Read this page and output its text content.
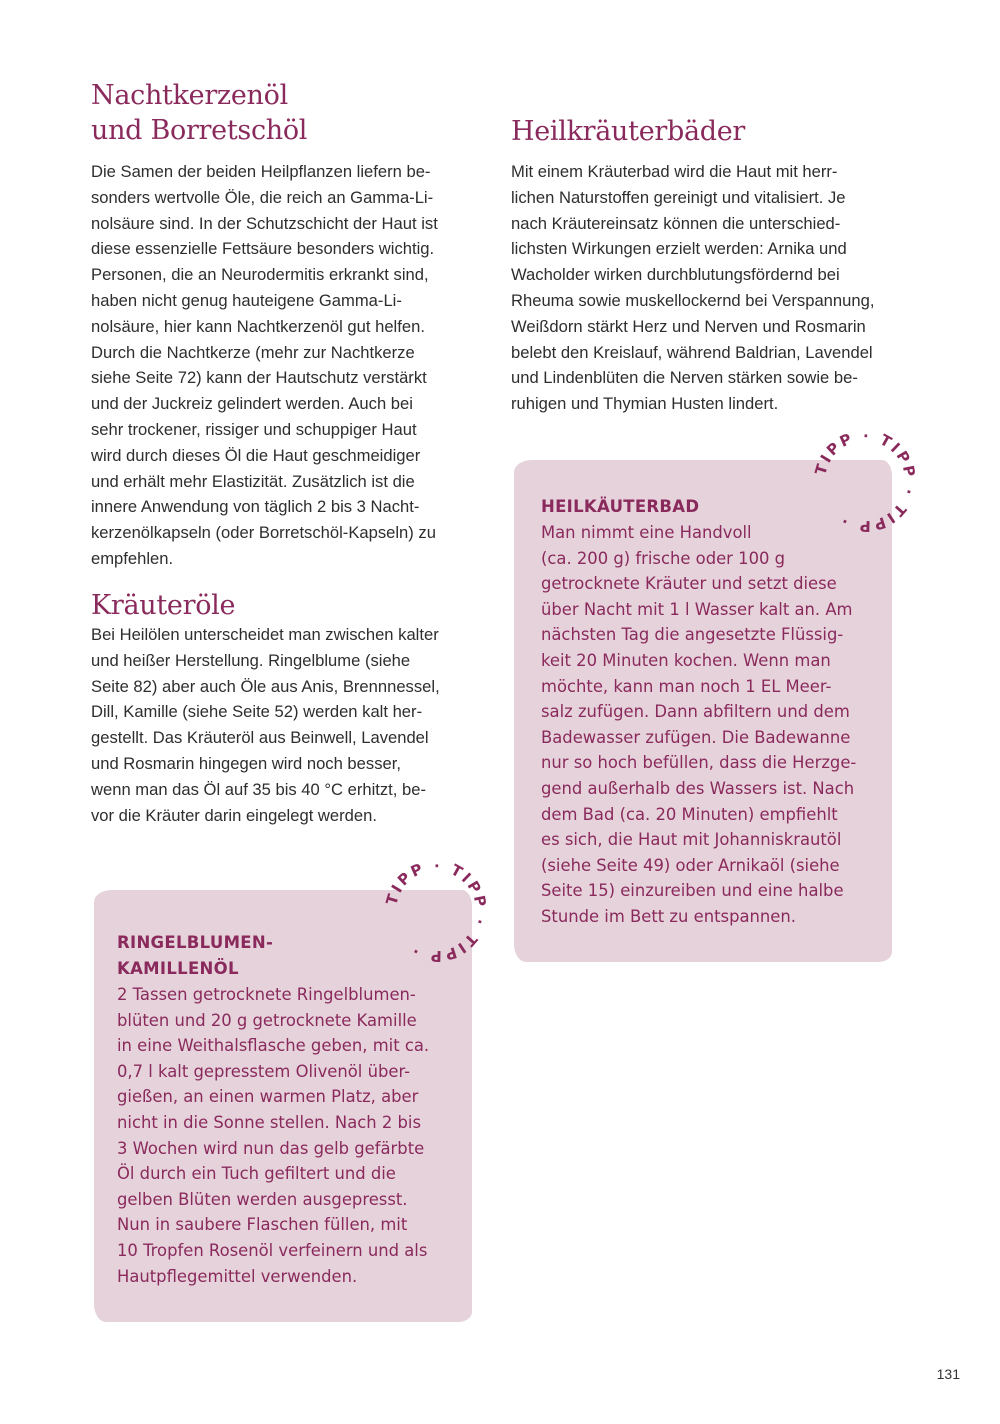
Nachtkerzenöl
und Borretschöl
Die Samen der beiden Heilpflanzen liefern be-
sonders wertvolle Öle, die reich an Gamma-Li-
nolsäure sind. In der Schutzschicht der Haut ist
diese essenzielle Fettsäure besonders wichtig.
Personen, die an Neurodermitis erkrankt sind,
haben nicht genug hauteigene Gamma-Li-
nolsäure, hier kann Nachtkerzenöl gut helfen.
Durch die Nachtkerze (mehr zur Nachtkerze
siehe Seite 72) kann der Hautschutz verstärkt
und der Juckreiz gelindert werden. Auch bei
sehr trockener, rissiger und schuppiger Haut
wird durch dieses Öl die Haut geschmeidiger
und erhält mehr Elastizität. Zusätzlich ist die
innere Anwendung von täglich 2 bis 3 Nacht-
kerzenölkapseln (oder Borretschöl-Kapseln) zu
empfehlen.
Kräuteröle
Bei Heilölen unterscheidet man zwischen kalter
und heißer Herstellung. Ringelblume (siehe
Seite 82) aber auch Öle aus Anis, Brennnessel,
Dill, Kamille (siehe Seite 52) werden kalt her-
gestellt. Das Kräuteröl aus Beinwell, Lavendel
und Rosmarin hingegen wird noch besser,
wenn man das Öl auf 35 bis 40 °C erhitzt, be-
vor die Kräuter darin eingelegt werden.
TIPP · TIPP · TIPP ·
RINGELBLUMEN-
KAMILLENÖL
2 Tassen getrocknete Ringelblumen-
blüten und 20 g getrocknete Kamille
in eine Weithalsflasche geben, mit ca.
0,7 l kalt gepresstem Olivenöl über-
gießen, an einen warmen Platz, aber
nicht in die Sonne stellen. Nach 2 bis
3 Wochen wird nun das gelb gefärbte
Öl durch ein Tuch gefiltert und die
gelben Blüten werden ausgepresst.
Nun in saubere Flaschen füllen, mit
10 Tropfen Rosenöl verfeinern und als
Hautpflegemittel verwenden.
Heilkräuterbäder
Mit einem Kräuterbad wird die Haut mit herr-
lichen Naturstoffen gereinigt und vitalisiert. Je
nach Kräutereinsatz können die unterschied-
lichsten Wirkungen erzielt werden: Arnika und
Wacholder wirken durchblutungsfördernd bei
Rheuma sowie muskellockernd bei Verspannung,
Weißdorn stärkt Herz und Nerven und Rosmarin
belebt den Kreislauf, während Baldrian, Lavendel
und Lindenblüten die Nerven stärken sowie be-
ruhigen und Thymian Husten lindert.
TIPP · TIPP · TIPP ·
HEILKÄUTERBAD
Man nimmt eine Handvoll
(ca. 200 g) frische oder 100 g
getrocknete Kräuter und setzt diese
über Nacht mit 1 l Wasser kalt an. Am
nächsten Tag die angesetzte Flüssig-
keit 20 Minuten kochen. Wenn man
möchte, kann man noch 1 EL Meer-
salz zufügen. Dann abfiltern und dem
Badewasser zufügen. Die Badewanne
nur so hoch befüllen, dass die Herzge-
gend außerhalb des Wassers ist. Nach
dem Bad (ca. 20 Minuten) empfiehlt
es sich, die Haut mit Johanniskrautöl
(siehe Seite 49) oder Arnikaöl (siehe
Seite 15) einzureiben und eine halbe
Stunde im Bett zu entspannen.
131
